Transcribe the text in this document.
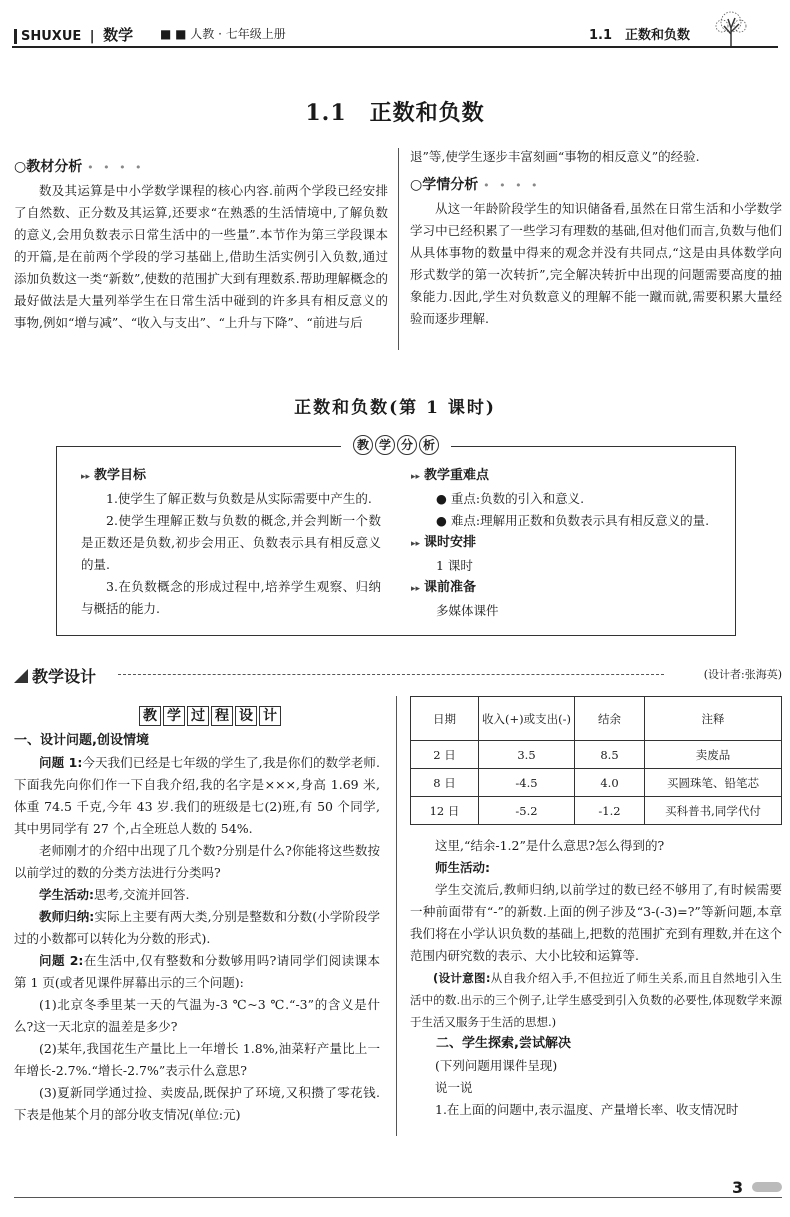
SHUXUE | 数学 ■ ■ 人教 · 七年级上册	1.1　正数和负数
1.1　正数和负数
○教材分析 • • • •

数及其运算是中小学数学课程的核心内容.前两个学段已经安排了自然数、正分数及其运算,还要求“在熟悉的生活情境中,了解负数的意义,会用负数表示日常生活中的一些量”.本节作为第三学段课本的开篇,是在前两个学段的学习基础上,借助生活实例引入负数,通过添加负数这一类“新数”,使数的范围扩大到有理数系.帮助理解概念的最好做法是大量列举学生在日常生活中碰到的许多具有相反意义的事物,例如“增与减”、“收入与支出”、“上升与下降”、“前进与后

退”等,使学生逐步丰富刻画“事物的相反意义”的经验.

○学情分析 • • • •

从这一年龄阶段学生的知识储备看,虽然在日常生活和小学数学学习中已经积累了一些学习有理数的基础,但对他们而言,负数与他们从具体事物的数量中得来的观念并没有共同点,“这是由具体数学向形式数学的第一次转折”,完全解决转折中出现的问题需要高度的抽象能力.因此,学生对负数意义的理解不能一蹴而就,需要积累大量经验而逐步理解.

正数和负数(第 1 课时)
▸▸ 教学目标

1.使学生了解正数与负数是从实际需要中产生的.

2.使学生理解正数与负数的概念,并会判断一个数是正数还是负数,初步会用正、负数表示具有相反意义的量.

3.在负数概念的形成过程中,培养学生观察、归纳与概括的能力.

▸▸ 教学重难点

● 重点:负数的引入和意义.

● 难点:理解用正数和负数表示具有相反意义的量.

▸▸ 课时安排

1 课时

▸▸ 课前准备

多媒体课件

教 学 分 析
教学设计	(设计者:张海英)
教 学 过 程 设 计
一、设计问题,创设情境

问题 1:今天我们已经是七年级的学生了,我是你们的数学老师.下面我先向你们作一下自我介绍,我的名字是×××,身高 1.69 米,体重 74.5 千克,今年 43 岁.我们的班级是七(2)班,有 50 个同学,其中男同学有 27 个,占全班总人数的 54%.

老师刚才的介绍中出现了几个数?分别是什么?你能将这些数按以前学过的数的分类方法进行分类吗?

学生活动:思考,交流并回答.

教师归纳:实际上主要有两大类,分别是整数和分数(小学阶段学过的小数都可以转化为分数的形式).

问题 2:在生活中,仅有整数和分数够用吗?请同学们阅读课本第 1 页(或者见课件屏幕出示的三个问题):

(1)北京冬季里某一天的气温为-3 ℃~3 ℃.“-3”的含义是什么?这一天北京的温差是多少?

(2)某年,我国花生产量比上一年增长 1.8%,油菜籽产量比上一年增长-2.7%.“增长-2.7%”表示什么意思?

(3)夏新同学通过捡、卖废品,既保护了环境,又积攒了零花钱.下表是他某个月的部分收支情况(单位:元)

日期	收入(+)或支出(-)	结余	注释
2 日	3.5	8.5	卖废品
8 日	-4.5	4.0	买圆珠笔、铅笔芯
12 日	-5.2	-1.2	买科普书,同学代付

这里,“结余-1.2”是什么意思?怎么得到的?

师生活动:

学生交流后,教师归纳,以前学过的数已经不够用了,有时候需要一种前面带有“-”的新数.上面的例子涉及“3-(-3)=?”等新问题,本章我们将在小学认识负数的基础上,把数的范围扩充到有理数,并在这个范围内研究数的表示、大小比较和运算等.

(设计意图:从自我介绍入手,不但拉近了师生关系,而且自然地引入生活中的数.出示的三个例子,让学生感受到引入负数的必要性,体现数学来源于生活又服务于生活的思想.)

二、学生探索,尝试解决

(下列问题用课件呈现)

说一说

1.在上面的问题中,表示温度、产量增长率、收支情况时

3
